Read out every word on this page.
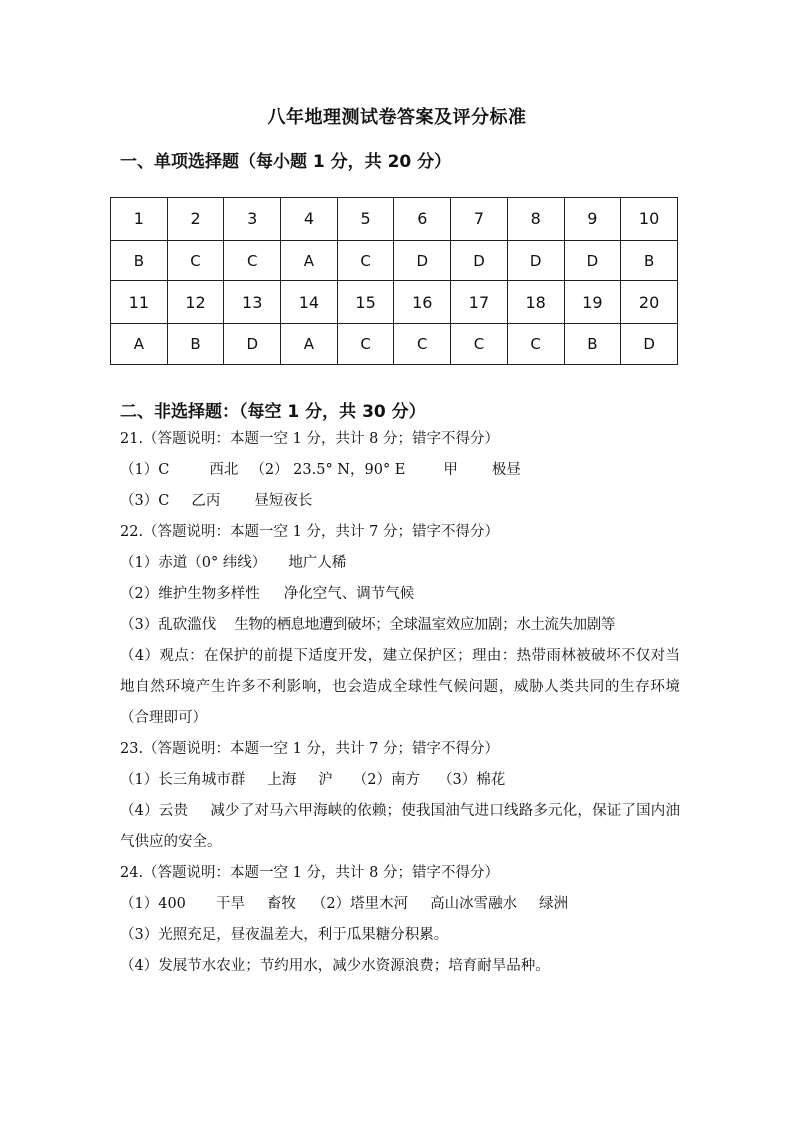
八年地理测试卷答案及评分标准
一、单项选择题（每小题 1 分，共 20 分）
1	2	3	4	5	6	7	8	9	10
B	C	C	A	C	D	D	D	D	B
11	12	13	14	15	16	17	18	19	20
A	B	D	A	C	C	C	C	B	D
二、非选择题：（每空 1 分，共 30 分）
21.（答题说明：本题一空 1 分，共计 8 分；错字不得分）
（1）C	西北 （2） 23.5° N，90° E	甲 极昼
（3）C 乙丙 昼短夜长
22.（答题说明：本题一空 1 分，共计 7 分；错字不得分）
（1）赤道（0° 纬线） 地广人稀
（2）维护生物多样性 净化空气、调节气候
（3）乱砍滥伐 生物的栖息地遭到破坏；全球温室效应加剧；水土流失加剧等
（4）观点：在保护的前提下适度开发，建立保护区；理由：热带雨林被破坏不仅对当地自然环境产生许多不利影响，也会造成全球性气候问题，威胁人类共同的生存环境（合理即可）
23.（答题说明：本题一空 1 分，共计 7 分；错字不得分）
（1）长三角城市群 上海 沪 （2）南方 （3）棉花
（4）云贵 减少了对马六甲海峡的依赖；使我国油气进口线路多元化，保证了国内油气供应的安全。
24.（答题说明：本题一空 1 分，共计 8 分；错字不得分）
（1）400 干旱 畜牧 （2）塔里木河 高山冰雪融水 绿洲
（3）光照充足，昼夜温差大，利于瓜果糖分积累。
（4）发展节水农业；节约用水，减少水资源浪费；培育耐旱品种。
